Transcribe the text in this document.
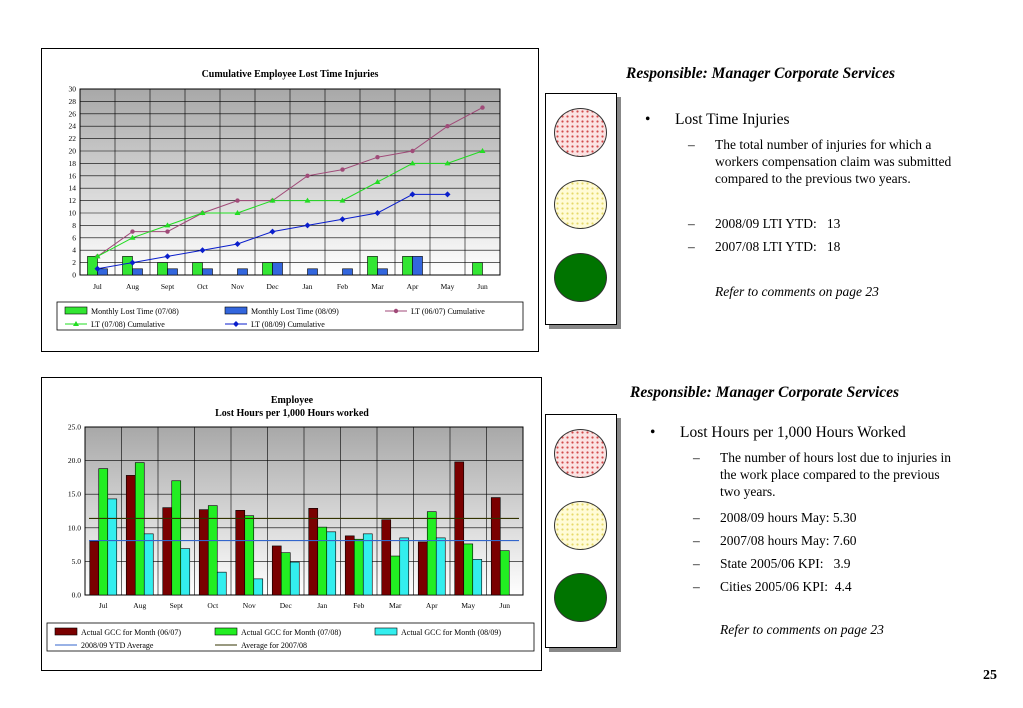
Cumulative Employee Lost Time Injuries
0
2
4
6
8
10
12
14
16
18
20
22
24
26
28
30
Jul	Aug	Sept	Oct	Nov	Dec	Jan	Feb	Mar	Apr	May	Jun
Monthly Lost Time (07/08)	Monthly Lost Time (08/09)	LT (06/07) Cumulative
LT (07/08) Cumulative	LT (08/09) Cumulative
Employee
Lost Hours per 1,000 Hours worked
0.0
5.0
10.0
15.0
20.0
25.0
Jul	Aug	Sept	Oct	Nov	Dec	Jan	Feb	Mar	Apr	May	Jun
Actual GCC for Month (06/07)	Actual GCC for Month (07/08)	Actual GCC for Month (08/09)
2008/09 YTD Average	Average for 2007/08
Responsible: Manager Corporate Services
• Lost Time Injuries
– The total number of injuries for which a workers compensation claim was submitted compared to the previous two years.
– 2008/09 LTI YTD:   13
– 2007/08 LTI YTD:   18
Refer to comments on page 23
Responsible: Manager Corporate Services
• Lost Hours per 1,000 Hours Worked
– The number of hours lost due to injuries in the work place compared to the previous two years.
– 2008/09 hours May: 5.30
– 2007/08 hours May: 7.60
– State 2005/06 KPI:   3.9
– Cities 2005/06 KPI:  4.4
Refer to comments on page 23
25
